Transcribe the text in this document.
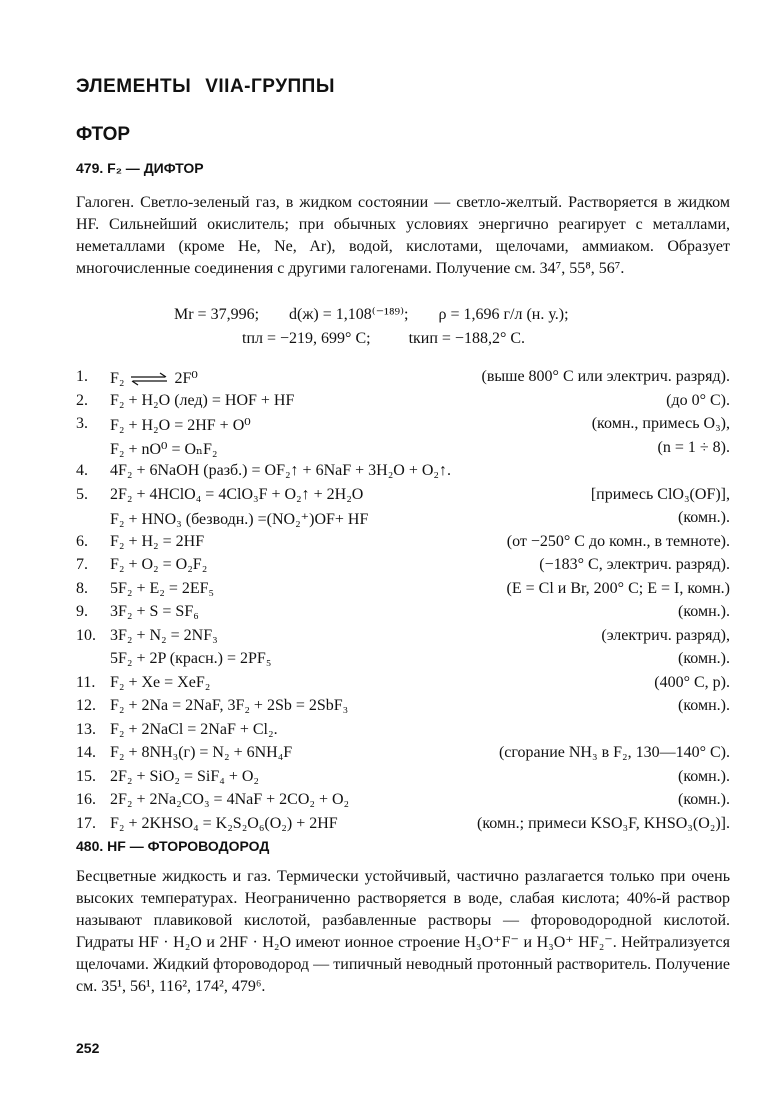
ЭЛЕМЕНТЫ VIIA-ГРУППЫ
ФТОР
479. F₂ — ДИФТОР
Галоген. Светло-зеленый газ, в жидком состоянии — светло-желтый. Растворяется в жидком HF. Сильнейший окислитель; при обычных условиях энергично реагирует с металлами, неметаллами (кроме He, Ne, Ar), водой, кислотами, щелочами, аммиаком. Образует многочисленные соединения с другими галогенами. Получение см. 34⁷, 55⁸, 56⁷.
Mr = 37,996; d(ж) = 1,108⁽⁻¹⁸⁹⁾; ρ = 1,696 г/л (н. у.);
tпл = −219, 699° C; tкип = −188,2° C.
1.	F₂ ⇌ 2F⁰	(выше 800° C или электрич. разряд).
2.	F₂ + H₂O (лед) = HOF + HF	(до 0° C).
3.	F₂ + H₂O = 2HF + O⁰	(комн., примесь O₃),
F₂ + nO⁰ = OₙF₂	(n = 1 ÷ 8).
4.	4F₂ + 6NaOH (разб.) = OF₂↑ + 6NaF + 3H₂O + O₂↑.
5.	2F₂ + 4HClO₄ = 4ClO₃F + O₂↑ + 2H₂O	[примесь ClO₃(OF)],
F₂ + HNO₃ (безводн.) =(NO₂⁺)OF+ HF	(комн.).
6.	F₂ + H₂ = 2HF	(от −250° C до комн., в темноте).
7.	F₂ + O₂ = O₂F₂	(−183° C, электрич. разряд).
8.	5F₂ + E₂ = 2EF₅	(E = Cl и Br, 200° C; E = I, комн.)
9.	3F₂ + S = SF₆	(комн.).
10. 3F₂ + N₂ = 2NF₃	(электрич. разряд),
5F₂ + 2P (красн.) = 2PF₅	(комн.).
11. F₂ + Xe = XeF₂	(400° C, p).
12. F₂ + 2Na = 2NaF, 3F₂ + 2Sb = 2SbF₃	(комн.).
13. F₂ + 2NaCl = 2NaF + Cl₂.
14. F₂ + 8NH₃(г) = N₂ + 6NH₄F	(сгорание NH₃ в F₂, 130—140° C).
15. 2F₂ + SiO₂ = SiF₄ + O₂	(комн.).
16. 2F₂ + 2Na₂CO₃ = 4NaF + 2CO₂ + O₂	(комн.).
17. F₂ + 2KHSO₄ = K₂S₂O₆(O₂) + 2HF	(комн.; примеси KSO₃F, KHSO₃(O₂)].
480. HF — ФТОРОВОДОРОД
Бесцветные жидкость и газ. Термически устойчивый, частично разлагается только при очень высоких температурах. Неограниченно растворяется в воде, слабая кислота; 40%-й раствор называют плавиковой кислотой, разбавленные растворы — фтороводородной кислотой. Гидраты HF · H₂O и 2HF · H₂O имеют ионное строение H₃O⁺F⁻ и H₃O⁺ HF₂⁻. Нейтрализуется щелочами. Жидкий фтороводород — типичный неводный протонный растворитель. Получение см. 35¹, 56¹, 116², 174², 479⁶.
252
